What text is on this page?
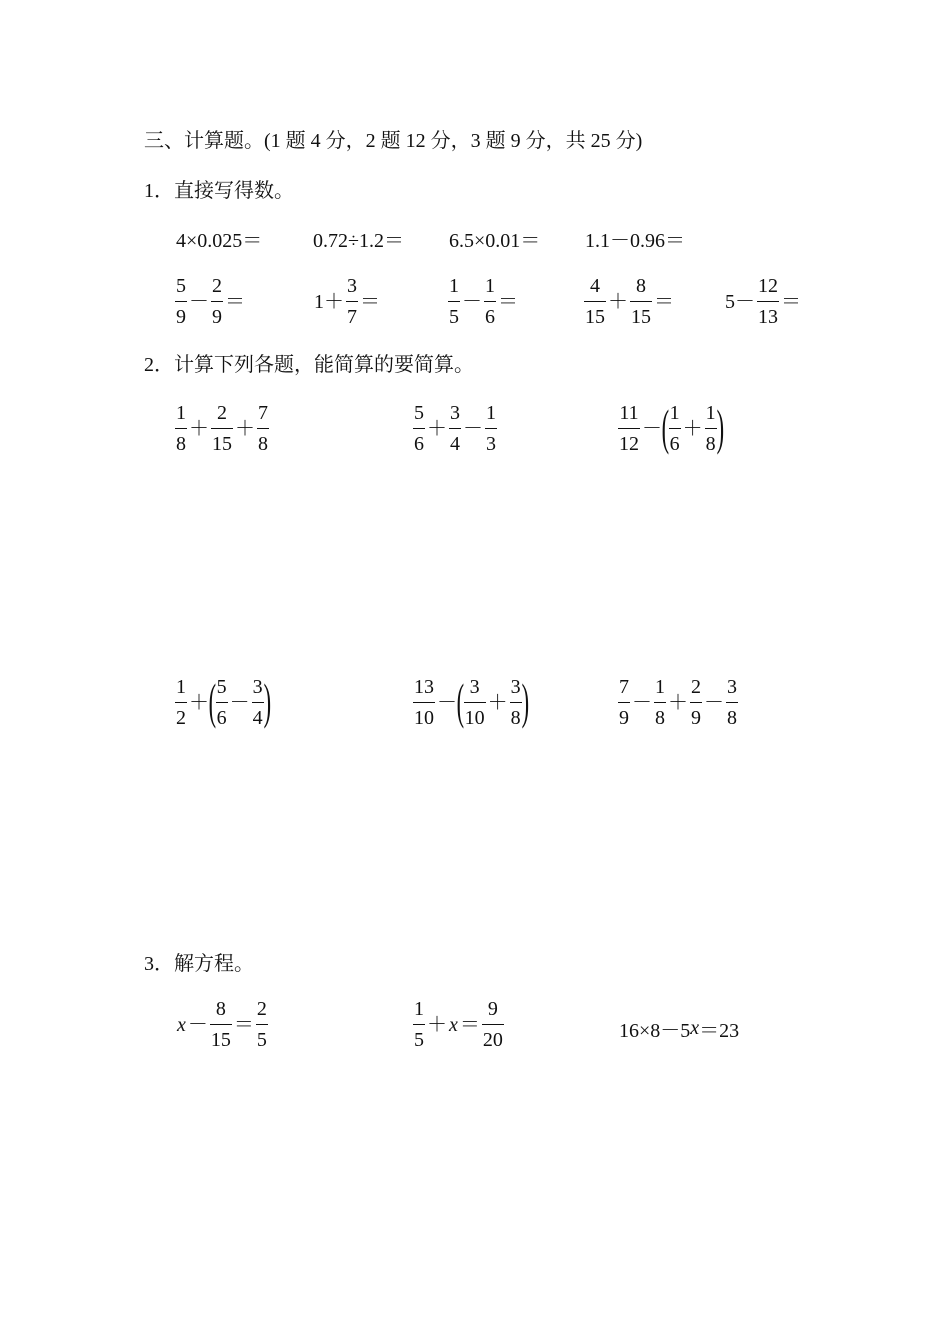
三、计算题。(1 题 4 分，2 题 12 分，3 题 9 分，共 25 分)
1．直接写得数。
4×0.025＝	0.72÷1.2＝ 6.5×0.01＝ 1.1－0.96＝
$\frac{5}{9} - \frac{2}{9}$ ＝	$1+ \frac{3}{7}$ ＝	$\frac{1}{5} - \frac{1}{6}$ ＝	$\frac{4}{15} + \frac{8}{15}$ ＝	$5- \frac{12}{13}$ ＝
2．计算下列各题，能简算的要简算。
$\frac{1}{8} + \frac{2}{15} + \frac{7}{8}$	$\frac{5}{6} + \frac{3}{4} - \frac{1}{3}$	$\frac{11}{12}$ － ( $\frac{1}{6} + \frac{1}{8}$ )
$\frac{1}{2}$ ＋ ( $\frac{5}{6} - \frac{3}{4}$ )	$\frac{13}{10}$ － ( $\frac{3}{10} + \frac{3}{8}$ )	$\frac{7}{9} - \frac{1}{8} + \frac{2}{9} - \frac{3}{8}$
3．解方程。
$x - \frac{8}{15} = \frac{2}{5}$	$\frac{1}{5} + x = \frac{9}{20}$	16×8－5 x ＝23
